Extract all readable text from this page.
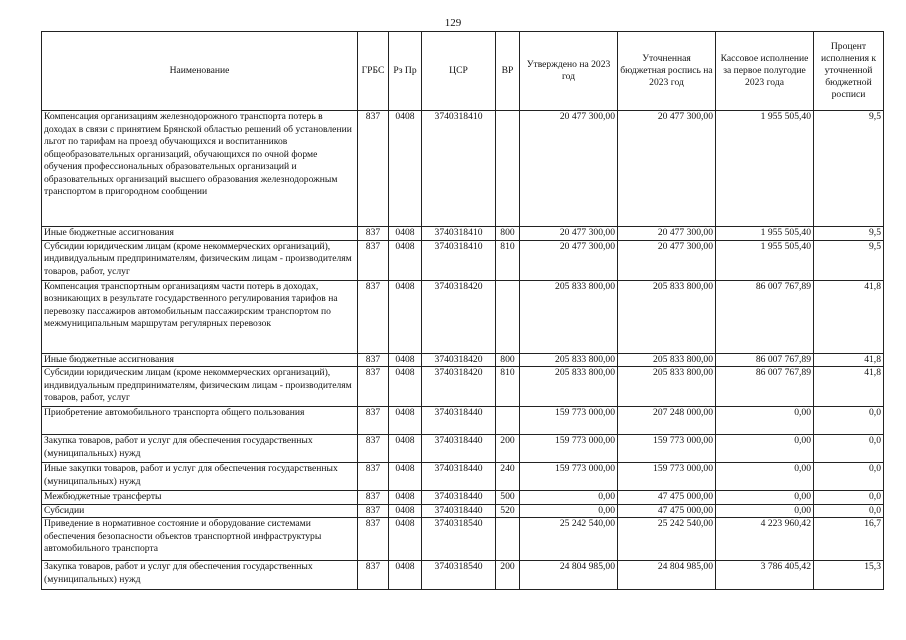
129
Наименование	ГРБС	Рз Пр	ЦСР	ВР	Утверждено на 2023 год	Уточненная бюджетная роспись на 2023 год	Кассовое исполнение за первое полугодие 2023 года	Процент исполнения к уточненной бюджетной росписи
Компенсация организациям железнодорожного транспорта потерь в доходах в связи с принятием Брянской областью решений об установлении льгот по тарифам на проезд обучающихся и воспитанников общеобразовательных организаций, обучающихся по очной форме обучения профессиональных образовательных организаций и образовательных организаций высшего образования железнодорожным транспортом в пригородном сообщении	837	0408	3740318410		20 477 300,00	20 477 300,00	1 955 505,40	9,5
Иные бюджетные ассигнования	837	0408	3740318410	800	20 477 300,00	20 477 300,00	1 955 505,40	9,5
Субсидии юридическим лицам (кроме некоммерческих организаций), индивидуальным предпринимателям, физическим лицам - производителям товаров, работ, услуг	837	0408	3740318410	810	20 477 300,00	20 477 300,00	1 955 505,40	9,5
Компенсация транспортным организациям части потерь в доходах, возникающих в результате государственного регулирования тарифов на перевозку пассажиров автомобильным пассажирским транспортом по межмуниципальным маршрутам регулярных перевозок	837	0408	3740318420		205 833 800,00	205 833 800,00	86 007 767,89	41,8
Иные бюджетные ассигнования	837	0408	3740318420	800	205 833 800,00	205 833 800,00	86 007 767,89	41,8
Субсидии юридическим лицам (кроме некоммерческих организаций), индивидуальным предпринимателям, физическим лицам - производителям товаров, работ, услуг	837	0408	3740318420	810	205 833 800,00	205 833 800,00	86 007 767,89	41,8
Приобретение автомобильного транспорта общего пользования	837	0408	3740318440		159 773 000,00	207 248 000,00	0,00	0,0
Закупка товаров, работ и услуг для обеспечения государственных (муниципальных) нужд	837	0408	3740318440	200	159 773 000,00	159 773 000,00	0,00	0,0
Иные закупки товаров, работ и услуг для обеспечения государственных (муниципальных) нужд	837	0408	3740318440	240	159 773 000,00	159 773 000,00	0,00	0,0
Межбюджетные трансферты	837	0408	3740318440	500	0,00	47 475 000,00	0,00	0,0
Субсидии	837	0408	3740318440	520	0,00	47 475 000,00	0,00	0,0
Приведение в нормативное состояние и оборудование системами обеспечения безопасности объектов транспортной инфраструктуры автомобильного транспорта	837	0408	3740318540		25 242 540,00	25 242 540,00	4 223 960,42	16,7
Закупка товаров, работ и услуг для обеспечения государственных (муниципальных) нужд	837	0408	3740318540	200	24 804 985,00	24 804 985,00	3 786 405,42	15,3
